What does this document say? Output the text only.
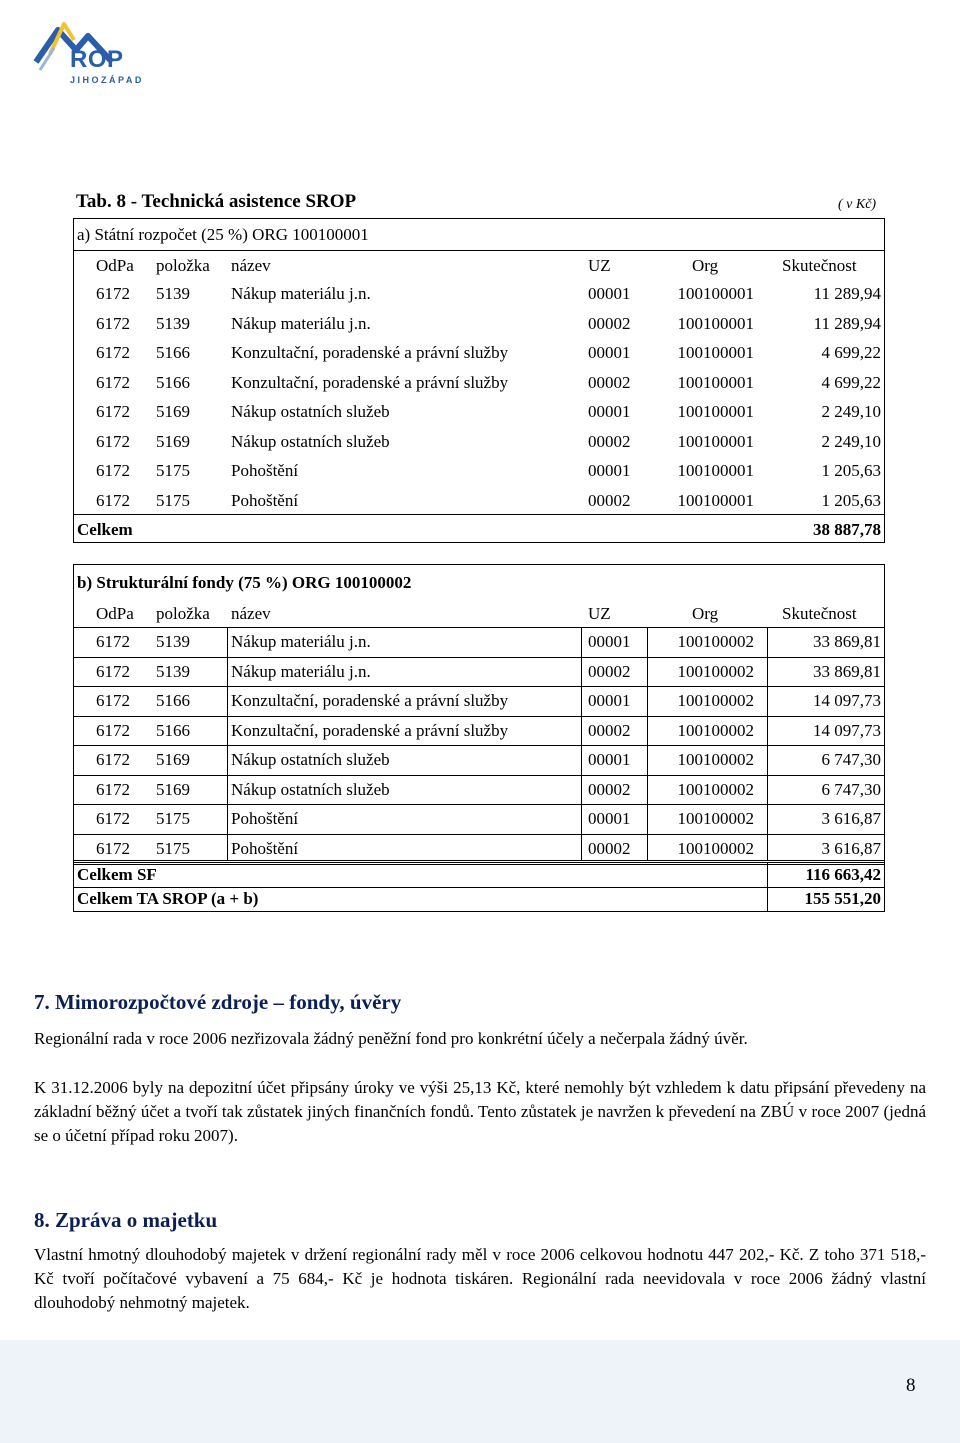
ROP
JIHOZÁPAD
Tab. 8 - Technická asistence SROP	( v Kč)
a) Státní rozpočet (25 %) ORG 100100001
OdPa položka název	UZ	Org	Skutečnost
6172 5139 Nákup materiálu j.n.	00001	100100001	11 289,94
6172 5139 Nákup materiálu j.n.	00002	100100001	11 289,94
6172 5166 Konzultační, poradenské a právní služby	00001	100100001	4 699,22
6172 5166 Konzultační, poradenské a právní služby	00002	100100001	4 699,22
6172 5169 Nákup ostatních služeb	00001	100100001	2 249,10
6172 5169 Nákup ostatních služeb	00002	100100001	2 249,10
6172 5175 Pohoštění	00001	100100001	1 205,63
6172 5175 Pohoštění	00002	100100001	1 205,63
Celkem	38 887,78
b) Strukturální fondy (75 %) ORG 100100002
OdPa položka název	UZ	Org	Skutečnost
6172 5139 Nákup materiálu j.n.	00001	100100002	33 869,81
6172 5139 Nákup materiálu j.n.	00002	100100002	33 869,81
6172 5166 Konzultační, poradenské a právní služby	00001	100100002	14 097,73
6172 5166 Konzultační, poradenské a právní služby	00002	100100002	14 097,73
6172 5169 Nákup ostatních služeb	00001	100100002	6 747,30
6172 5169 Nákup ostatních služeb	00002	100100002	6 747,30
6172 5175 Pohoštění	00001	100100002	3 616,87
6172 5175 Pohoštění	00002	100100002	3 616,87
Celkem SF	116 663,42
Celkem TA SROP (a + b)	155 551,20
7. Mimorozpočtové zdroje – fondy, úvěry
Regionální rada v roce 2006 nezřizovala žádný peněžní fond pro konkrétní účely a nečerpala žádný úvěr.
K 31.12.2006 byly na depozitní účet připsány úroky ve výši 25,13 Kč, které nemohly být vzhledem k datu připsání převedeny na základní běžný účet a tvoří tak zůstatek jiných finančních fondů. Tento zůstatek je navržen k převedení na ZBÚ v roce 2007 (jedná se o účetní případ roku 2007).
8. Zpráva o majetku
Vlastní hmotný dlouhodobý majetek v držení regionální rady měl v roce 2006 celkovou hodnotu 447 202,- Kč. Z toho 371 518,- Kč tvoří počítačové vybavení a 75 684,- Kč je hodnota tiskáren. Regionální rada neevidovala v roce 2006 žádný vlastní dlouhodobý nehmotný majetek.
8
